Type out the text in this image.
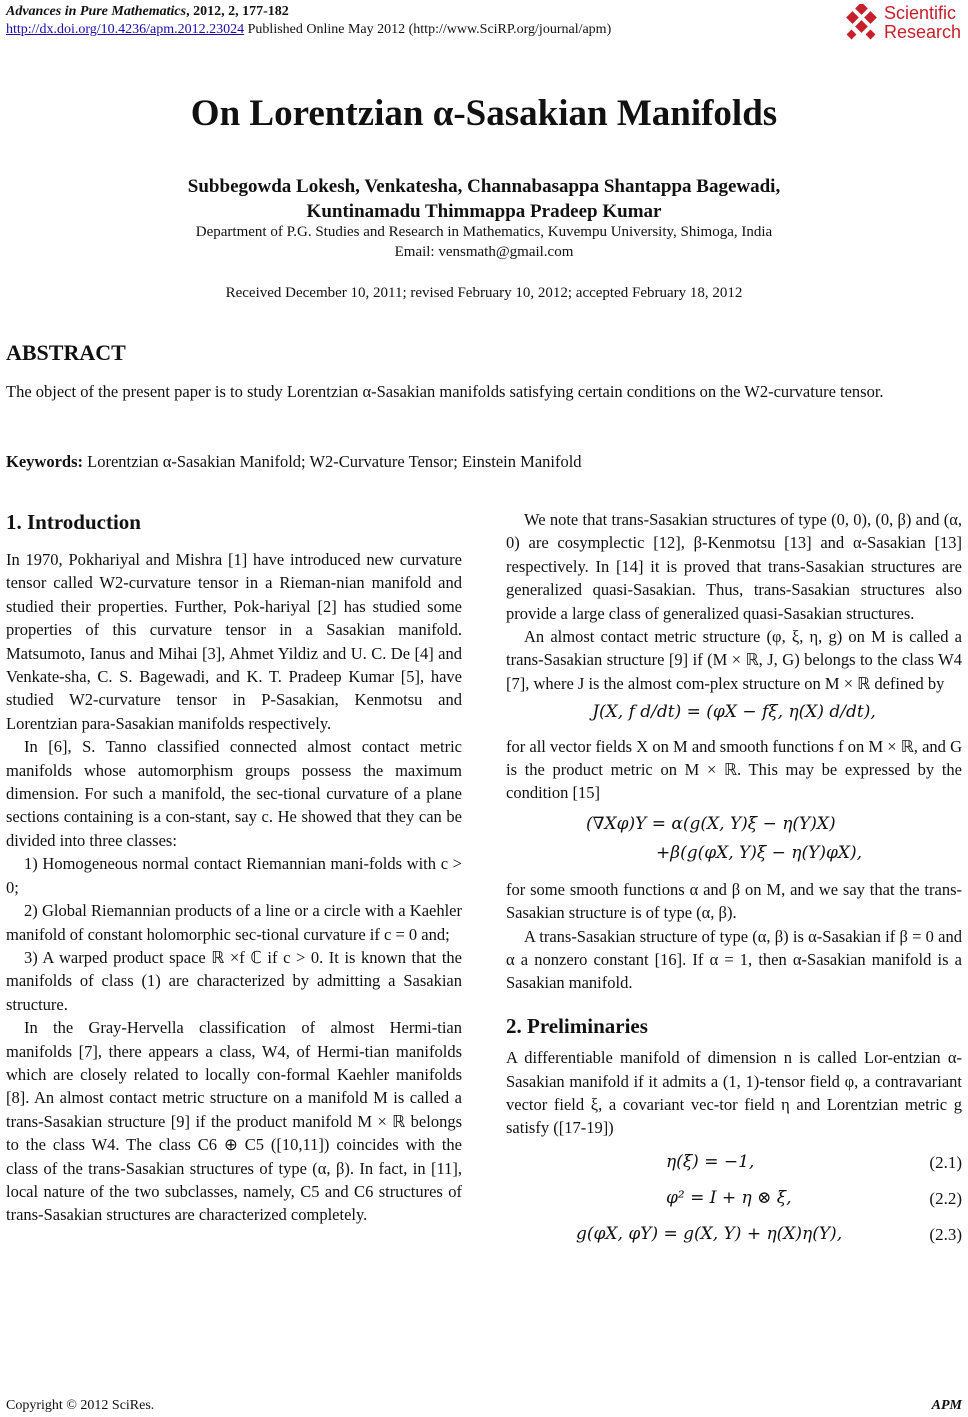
Advances in Pure Mathematics, 2012, 2, 177-182
http://dx.doi.org/10.4236/apm.2012.23024 Published Online May 2012 (http://www.SciRP.org/journal/apm)
Scientific
Research
On Lorentzian α-Sasakian Manifolds
Subbegowda Lokesh, Venkatesha, Channabasappa Shantappa Bagewadi,
Kuntinamadu Thimmappa Pradeep Kumar
Department of P.G. Studies and Research in Mathematics, Kuvempu University, Shimoga, India
Email: vensmath@gmail.com
Received December 10, 2011; revised February 10, 2012; accepted February 18, 2012
ABSTRACT
The object of the present paper is to study Lorentzian α-Sasakian manifolds satisfying certain conditions on the W2-curvature tensor.
Keywords: Lorentzian α-Sasakian Manifold; W2-Curvature Tensor; Einstein Manifold
1. Introduction

In 1970, Pokhariyal and Mishra [1] have introduced new curvature tensor called W2-curvature tensor in a Rieman-nian manifold and studied their properties. Further, Pok-hariyal [2] has studied some properties of this curvature tensor in a Sasakian manifold. Matsumoto, Ianus and Mihai [3], Ahmet Yildiz and U. C. De [4] and Venkate-sha, C. S. Bagewadi, and K. T. Pradeep Kumar [5], have studied W2-curvature tensor in P-Sasakian, Kenmotsu and Lorentzian para-Sasakian manifolds respectively.

In [6], S. Tanno classified connected almost contact metric manifolds whose automorphism groups possess the maximum dimension. For such a manifold, the sec-tional curvature of a plane sections containing is a con-stant, say c. He showed that they can be divided into three classes:

1) Homogeneous normal contact Riemannian mani-folds with c > 0;

2) Global Riemannian products of a line or a circle with a Kaehler manifold of constant holomorphic sec-tional curvature if c = 0 and;

3) A warped product space ℝ ×f ℂ if c > 0. It is known that the manifolds of class (1) are characterized by admitting a Sasakian structure.

In the Gray-Hervella classification of almost Hermi-tian manifolds [7], there appears a class, W4, of Hermi-tian manifolds which are closely related to locally con-formal Kaehler manifolds [8]. An almost contact metric structure on a manifold M is called a trans-Sasakian structure [9] if the product manifold M × ℝ belongs to the class W4. The class C6 ⊕ C5 ([10,11]) coincides with the class of the trans-Sasakian structures of type (α, β). In fact, in [11], local nature of the two subclasses, namely, C5 and C6 structures of trans-Sasakian structures are characterized completely.

We note that trans-Sasakian structures of type (0, 0), (0, β) and (α, 0) are cosymplectic [12], β-Kenmotsu [13] and α-Sasakian [13] respectively. In [14] it is proved that trans-Sasakian structures are generalized quasi-Sasakian. Thus, trans-Sasakian structures also provide a large class of generalized quasi-Sasakian structures.

An almost contact metric structure (φ, ξ, η, g) on M is called a trans-Sasakian structure [9] if (M × ℝ, J, G) belongs to the class W4 [7], where J is the almost com-plex structure on M × ℝ defined by

J(X, f d/dt) = (φX − fξ, η(X) d/dt),

for all vector fields X on M and smooth functions f on M × ℝ, and G is the product metric on M × ℝ. This may be expressed by the condition [15]

(∇Xφ)Y = α(g(X, Y)ξ − η(Y)X)
+β(g(φX, Y)ξ − η(Y)φX),

for some smooth functions α and β on M, and we say that the trans-Sasakian structure is of type (α, β).

A trans-Sasakian structure of type (α, β) is α-Sasakian if β = 0 and α a nonzero constant [16]. If α = 1, then α-Sasakian manifold is a Sasakian manifold.

2. Preliminaries

A differentiable manifold of dimension n is called Lor-entzian α-Sasakian manifold if it admits a (1, 1)-tensor field φ, a contravariant vector field ξ, a covariant vec-tor field η and Lorentzian metric g satisfy ([17-19])

η(ξ) = −1,	(2.1)
φ² = I + η ⊗ ξ,	(2.2)
g(φX, φY) = g(X, Y) + η(X)η(Y),	(2.3)
Copyright © 2012 SciRes.	APM
